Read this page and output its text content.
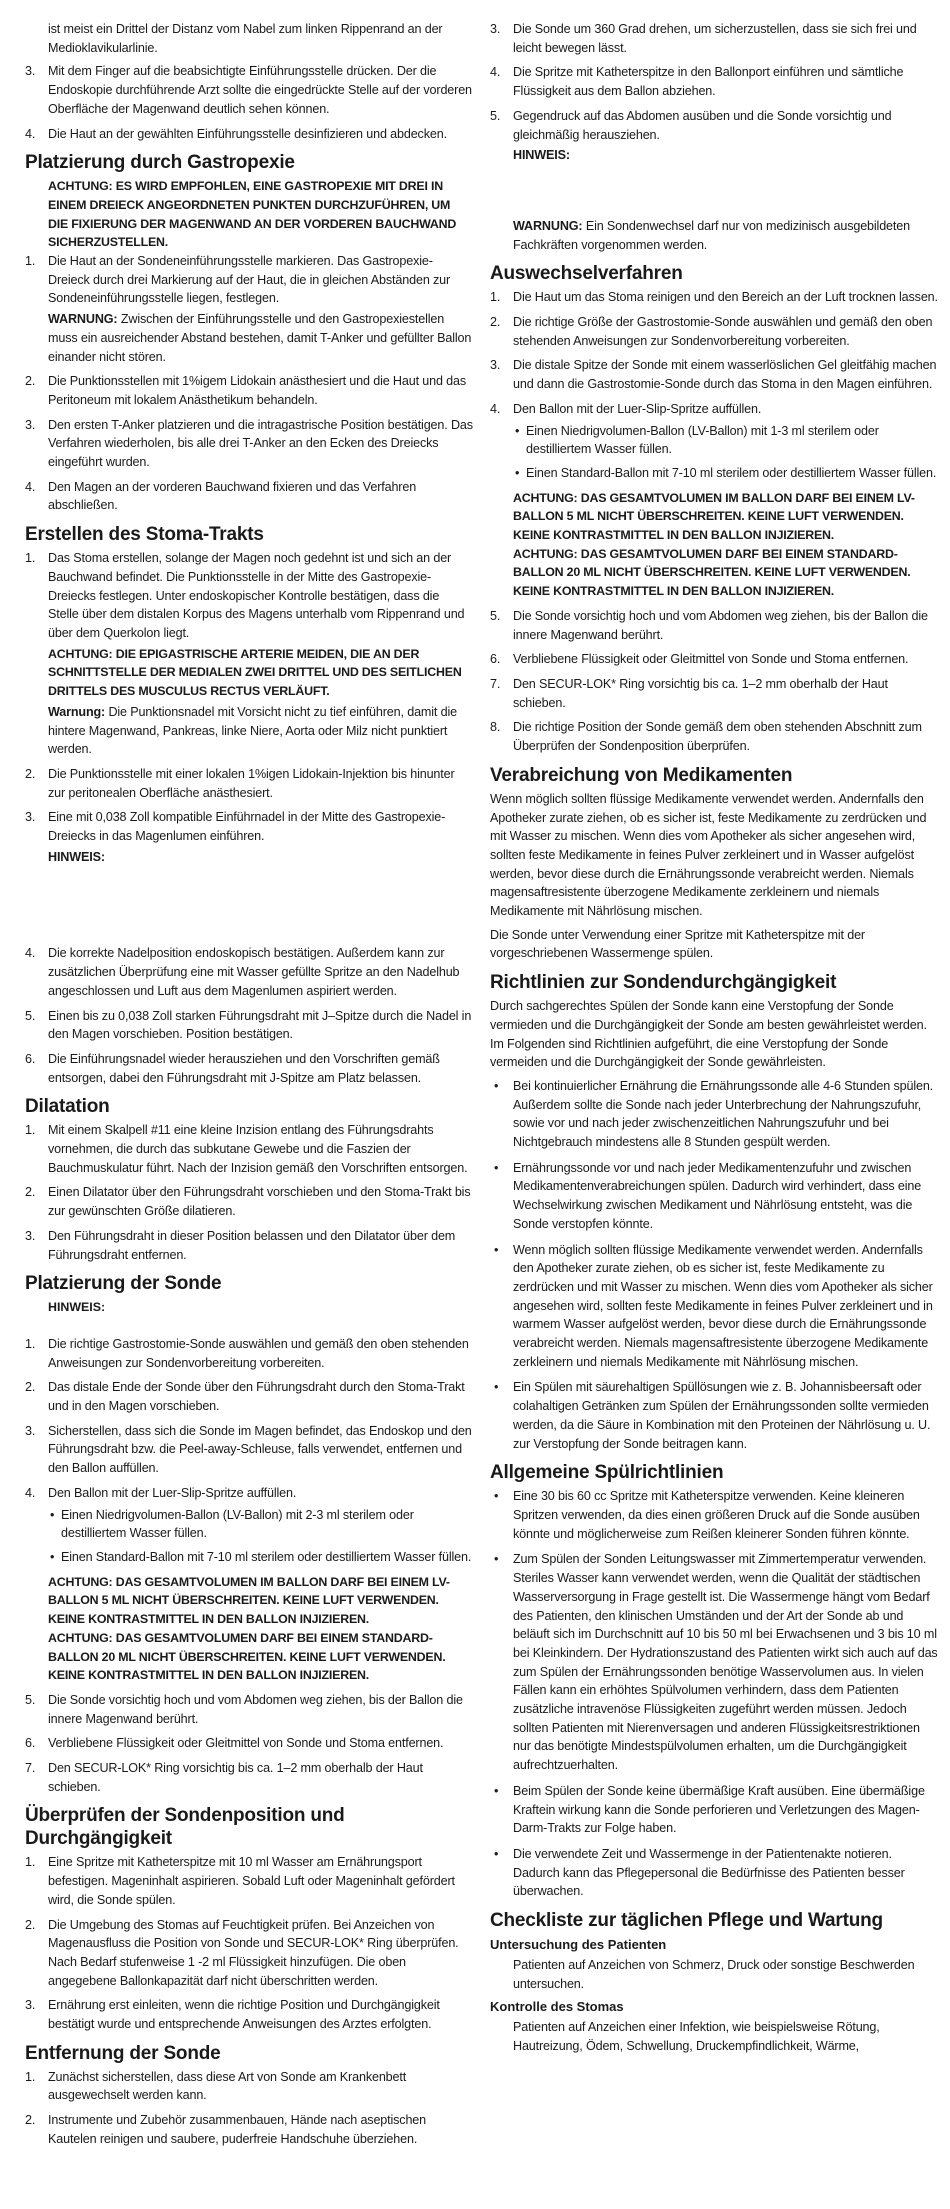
ist meist ein Drittel der Distanz vom Nabel zum linken Rippenrand an der Medioklavikularlinie.

3. Mit dem Finger auf die beabsichtigte Einführungsstelle drücken. Der die Endoskopie durchführende Arzt sollte die eingedrückte Stelle auf der vorderen Oberfläche der Magenwand deutlich sehen können.
4. Die Haut an der gewählten Einführungsstelle desinfizieren und abdecken.
Platzierung durch Gastropexie

ACHTUNG: ES WIRD EMPFOHLEN, EINE GASTROPEXIE MIT DREI IN EINEM DREIECK ANGEORDNETEN PUNKTEN DURCHZUFÜHREN, UM DIE FIXIERUNG DER MAGENWAND AN DER VORDEREN BAUCHWAND SICHERZUSTELLEN.

1. Die Haut an der Sondeneinführungsstelle markieren. Das Gastropexie-Dreieck durch drei Markierung auf der Haut, die in gleichen Abständen zur Sondeneinführungsstelle liegen, festlegen.

WARNUNG: Zwischen der Einführungsstelle und den Gastropexiestellen muss ein ausreichender Abstand bestehen, damit T-Anker und gefüllter Ballon einander nicht stören.

2. Die Punktionsstellen mit 1%igem Lidokain anästhesiert und die Haut und das Peritoneum mit lokalem Anästhetikum behandeln.
3. Den ersten T-Anker platzieren und die intragastrische Position bestätigen. Das Verfahren wiederholen, bis alle drei T-Anker an den Ecken des Dreiecks eingeführt wurden.
4. Den Magen an der vorderen Bauchwand fixieren und das Verfahren abschließen.
Erstellen des Stoma-Trakts
1. Das Stoma erstellen, solange der Magen noch gedehnt ist und sich an der Bauchwand befindet. Die Punktionsstelle in der Mitte des Gastropexie-Dreiecks festlegen. Unter endoskopischer Kontrolle bestätigen, dass die Stelle über dem distalen Korpus des Magens unterhalb vom Rippenrand und über dem Querkolon liegt.

ACHTUNG: DIE EPIGASTRISCHE ARTERIE MEIDEN, DIE AN DER SCHNITTSTELLE DER MEDIALEN ZWEI DRITTEL UND DES SEITLICHEN DRITTELS DES MUSCULUS RECTUS VERLÄUFT.

Warnung: Die Punktionsnadel mit Vorsicht nicht zu tief einführen, damit die hintere Magenwand, Pankreas, linke Niere, Aorta oder Milz nicht punktiert werden.

2. Die Punktionsstelle mit einer lokalen 1%igen Lidokain-Injektion bis hinunter zur peritonealen Oberfläche anästhesiert.
3. Eine mit 0,038 Zoll kompatible Einführnadel in der Mitte des Gastropexie-Dreiecks in das Magenlumen einführen.

HINWEIS:

4. Die korrekte Nadelposition endoskopisch bestätigen. Außerdem kann zur zusätzlichen Überprüfung eine mit Wasser gefüllte Spritze an den Nadelhub angeschlossen und Luft aus dem Magenlumen aspiriert werden.
5. Einen bis zu 0,038 Zoll starken Führungsdraht mit J–Spitze durch die Nadel in den Magen vorschieben. Position bestätigen.
6. Die Einführungsnadel wieder herausziehen und den Vorschriften gemäß entsorgen, dabei den Führungsdraht mit J-Spitze am Platz belassen.
Dilatation
1. Mit einem Skalpell #11 eine kleine Inzision entlang des Führungsdrahts vornehmen, die durch das subkutane Gewebe und die Faszien der Bauchmuskulatur führt. Nach der Inzision gemäß den Vorschriften entsorgen.
2. Einen Dilatator über den Führungsdraht vorschieben und den Stoma-Trakt bis zur gewünschten Größe dilatieren.
3. Den Führungsdraht in dieser Position belassen und den Dilatator über dem Führungsdraht entfernen.
Platzierung der Sonde

HINWEIS:

1. Die richtige Gastrostomie-Sonde auswählen und gemäß den oben stehenden Anweisungen zur Sondenvorbereitung vorbereiten.
2. Das distale Ende der Sonde über den Führungsdraht durch den Stoma-Trakt und in den Magen vorschieben.
3. Sicherstellen, dass sich die Sonde im Magen befindet, das Endoskop und den Führungsdraht bzw. die Peel-away-Schleuse, falls verwendet, entfernen und den Ballon auffüllen.
4. Den Ballon mit der Luer-Slip-Spritze auffüllen.
• Einen Niedrigvolumen-Ballon (LV-Ballon) mit 2-3 ml sterilem oder destilliertem Wasser füllen.
• Einen Standard-Ballon mit 7-10 ml sterilem oder destilliertem Wasser füllen.

ACHTUNG: DAS GESAMTVOLUMEN IM BALLON DARF BEI EINEM LV-BALLON 5 ML NICHT ÜBERSCHREITEN. KEINE LUFT VERWENDEN. KEINE KONTRASTMITTEL IN DEN BALLON INJIZIEREN.

ACHTUNG: DAS GESAMTVOLUMEN DARF BEI EINEM STANDARD-BALLON 20 ML NICHT ÜBERSCHREITEN. KEINE LUFT VERWENDEN. KEINE KONTRASTMITTEL IN DEN BALLON INJIZIEREN.

5. Die Sonde vorsichtig hoch und vom Abdomen weg ziehen, bis der Ballon die innere Magenwand berührt.
6. Verbliebene Flüssigkeit oder Gleitmittel von Sonde und Stoma entfernen.
7. Den SECUR-LOK* Ring vorsichtig bis ca. 1–2 mm oberhalb der Haut schieben.
Überprüfen der Sondenposition und Durchgängigkeit
1. Eine Spritze mit Katheterspitze mit 10 ml Wasser am Ernährungsport befestigen. Mageninhalt aspirieren. Sobald Luft oder Mageninhalt gefördert wird, die Sonde spülen.
2. Die Umgebung des Stomas auf Feuchtigkeit prüfen. Bei Anzeichen von Magenausfluss die Position von Sonde und SECUR-LOK* Ring überprüfen. Nach Bedarf stufenweise 1 -2 ml Flüssigkeit hinzufügen. Die oben angegebene Ballonkapazität darf nicht überschritten werden.
3. Ernährung erst einleiten, wenn die richtige Position und Durchgängigkeit bestätigt wurde und entsprechende Anweisungen des Arztes erfolgten.
Entfernung der Sonde
1. Zunächst sicherstellen, dass diese Art von Sonde am Krankenbett ausgewechselt werden kann.
2. Instrumente und Zubehör zusammenbauen, Hände nach aseptischen Kautelen reinigen und saubere, puderfreie Handschuhe überziehen.
3. Die Sonde um 360 Grad drehen, um sicherzustellen, dass sie sich frei und leicht bewegen lässt.
4. Die Spritze mit Katheterspitze in den Ballonport einführen und sämtliche Flüssigkeit aus dem Ballon abziehen.
5. Gegendruck auf das Abdomen ausüben und die Sonde vorsichtig und gleichmäßig herausziehen.

HINWEIS:

WARNUNG: Ein Sondenwechsel darf nur von medizinisch ausgebildeten Fachkräften vorgenommen werden.

Auswechselverfahren
1. Die Haut um das Stoma reinigen und den Bereich an der Luft trocknen lassen.
2. Die richtige Größe der Gastrostomie-Sonde auswählen und gemäß den oben stehenden Anweisungen zur Sondenvorbereitung vorbereiten.
3. Die distale Spitze der Sonde mit einem wasserlöslichen Gel gleitfähig machen und dann die Gastrostomie-Sonde durch das Stoma in den Magen einführen.
4. Den Ballon mit der Luer-Slip-Spritze auffüllen.
• Einen Niedrigvolumen-Ballon (LV-Ballon) mit 1-3 ml sterilem oder destilliertem Wasser füllen.
• Einen Standard-Ballon mit 7-10 ml sterilem oder destilliertem Wasser füllen.

ACHTUNG: DAS GESAMTVOLUMEN IM BALLON DARF BEI EINEM LV-BALLON 5 ML NICHT ÜBERSCHREITEN. KEINE LUFT VERWENDEN. KEINE KONTRASTMITTEL IN DEN BALLON INJIZIEREN.

ACHTUNG: DAS GESAMTVOLUMEN DARF BEI EINEM STANDARD-BALLON 20 ML NICHT ÜBERSCHREITEN. KEINE LUFT VERWENDEN. KEINE KONTRASTMITTEL IN DEN BALLON INJIZIEREN.

5. Die Sonde vorsichtig hoch und vom Abdomen weg ziehen, bis der Ballon die innere Magenwand berührt.
6. Verbliebene Flüssigkeit oder Gleitmittel von Sonde und Stoma entfernen.
7. Den SECUR-LOK* Ring vorsichtig bis ca. 1–2 mm oberhalb der Haut schieben.
8. Die richtige Position der Sonde gemäß dem oben stehenden Abschnitt zum Überprüfen der Sondenposition überprüfen.
Verabreichung von Medikamenten

Wenn möglich sollten flüssige Medikamente verwendet werden. Andernfalls den Apotheker zurate ziehen, ob es sicher ist, feste Medikamente zu zerdrücken und mit Wasser zu mischen. Wenn dies vom Apotheker als sicher angesehen wird, sollten feste Medikamente in feines Pulver zerkleinert und in Wasser aufgelöst werden, bevor diese durch die Ernährungssonde verabreicht werden. Niemals magensaftresistente überzogene Medikamente zerkleinern und niemals Medikamente mit Nährlösung mischen.

Die Sonde unter Verwendung einer Spritze mit Katheterspitze mit der vorgeschriebenen Wassermenge spülen.

Richtlinien zur Sondendurchgängigkeit

Durch sachgerechtes Spülen der Sonde kann eine Verstopfung der Sonde vermieden und die Durchgängigkeit der Sonde am besten gewährleistet werden. Im Folgenden sind Richtlinien aufgeführt, die eine Verstopfung der Sonde vermeiden und die Durchgängigkeit der Sonde gewährleisten.

• Bei kontinuierlicher Ernährung die Ernährungssonde alle 4-6 Stunden spülen. Außerdem sollte die Sonde nach jeder Unterbrechung der Nahrungszufuhr, sowie vor und nach jeder zwischenzeitlichen Nahrungszufuhr und bei Nichtgebrauch mindestens alle 8 Stunden gespült werden.
• Ernährungssonde vor und nach jeder Medikamentenzufuhr und zwischen Medikamentenverabreichungen spülen. Dadurch wird verhindert, dass eine Wechselwirkung zwischen Medikament und Nährlösung entsteht, was die Sonde verstopfen könnte.
• Wenn möglich sollten flüssige Medikamente verwendet werden. Andernfalls den Apotheker zurate ziehen, ob es sicher ist, feste Medikamente zu zerdrücken und mit Wasser zu mischen. Wenn dies vom Apotheker als sicher angesehen wird, sollten feste Medikamente in feines Pulver zerkleinert und in warmem Wasser aufgelöst werden, bevor diese durch die Ernährungssonde verabreicht werden. Niemals magensaftresistente überzogene Medikamente zerkleinern und niemals Medikamente mit Nährlösung mischen.
• Ein Spülen mit säurehaltigen Spüllösungen wie z. B. Johannisbeersaft oder colahaltigen Getränken zum Spülen der Ernährungssonden sollte vermieden werden, da die Säure in Kombination mit den Proteinen der Nährlösung u. U. zur Verstopfung der Sonde beitragen kann.
Allgemeine Spülrichtlinien
• Eine 30 bis 60 cc Spritze mit Katheterspitze verwenden. Keine kleineren Spritzen verwenden, da dies einen größeren Druck auf die Sonde ausüben könnte und möglicherweise zum Reißen kleinerer Sonden führen könnte.
• Zum Spülen der Sonden Leitungswasser mit Zimmertemperatur verwenden. Steriles Wasser kann verwendet werden, wenn die Qualität der städtischen Wasserversorgung in Frage gestellt ist. Die Wassermenge hängt vom Bedarf des Patienten, den klinischen Umständen und der Art der Sonde ab und beläuft sich im Durchschnitt auf 10 bis 50 ml bei Erwachsenen und 3 bis 10 ml bei Kleinkindern. Der Hydrationszustand des Patienten wirkt sich auch auf das zum Spülen der Ernährungssonden benötige Wasservolumen aus. In vielen Fällen kann ein erhöhtes Spülvolumen verhindern, dass dem Patienten zusätzliche intravenöse Flüssigkeiten zugeführt werden müssen. Jedoch sollten Patienten mit Nierenversagen und anderen Flüssigkeitsrestriktionen nur das benötigte Mindestspülvolumen erhalten, um die Durchgängigkeit aufrechtzuerhalten.
• Beim Spülen der Sonde keine übermäßige Kraft ausüben. Eine übermäßige Kraftein wirkung kann die Sonde perforieren und Verletzungen des Magen-Darm-Trakts zur Folge haben.
• Die verwendete Zeit und Wassermenge in der Patientenakte notieren. Dadurch kann das Pflegepersonal die Bedürfnisse des Patienten besser überwachen.
Checkliste zur täglichen Pflege und Wartung
Untersuchung des Patienten

Patienten auf Anzeichen von Schmerz, Druck oder sonstige Beschwerden untersuchen.

Kontrolle des Stomas

Patienten auf Anzeichen einer Infektion, wie beispielsweise Rötung, Hautreizung, Ödem, Schwellung, Druckempfindlichkeit, Wärme,
